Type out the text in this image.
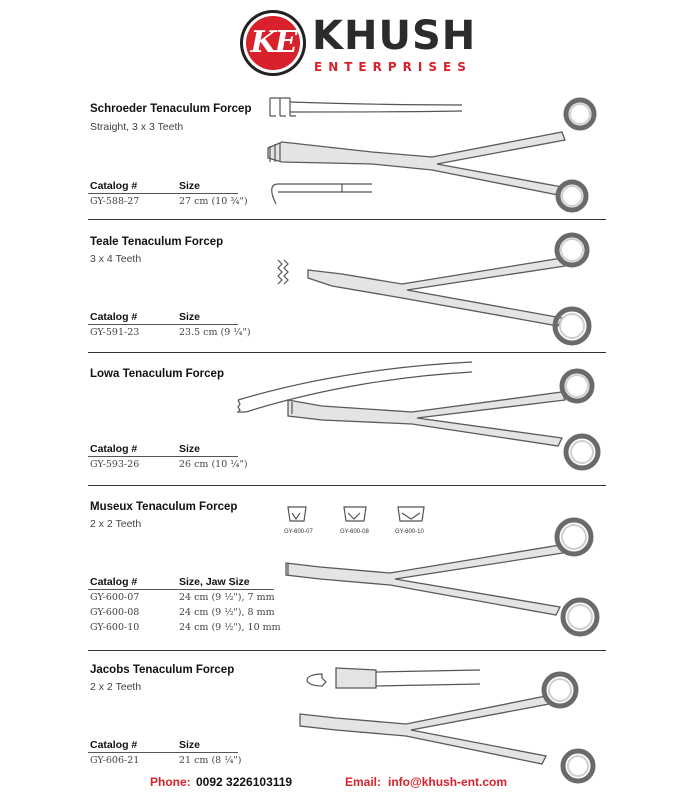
KE KHUSH
ENTERPRISES
Schroeder Tenaculum Forcep
Straight, 3 x 3 Teeth
Catalog #	Size
GY-588-27	27 cm (10 ¾")
Teale Tenaculum Forcep
3 x 4 Teeth
Catalog #	Size
GY-591-23	23.5 cm (9 ¼")
Lowa Tenaculum Forcep
Catalog #	Size
GY-593-26	26 cm (10 ¼")
Museux Tenaculum Forcep
2 x 2 Teeth
Catalog #	Size, Jaw Size
GY-600-07	24 cm (9 ½"), 7 mm
GY-600-08	24 cm (9 ½"), 8 mm
GY-600-10	24 cm (9 ½"), 10 mm
GY-600-07	GY-600-08	GY-600-10
Jacobs Tenaculum Forcep
2 x 2 Teeth
Catalog #	Size
GY-606-21	21 cm (8 ¼")
Phone: 0092 3226103119	Email: info@khush-ent.com
